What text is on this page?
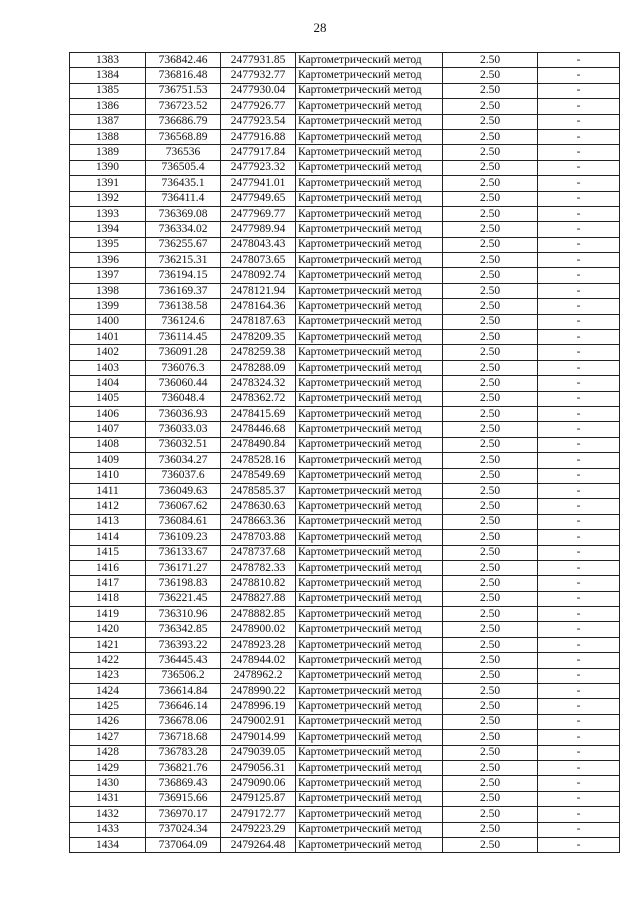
28
1383	736842.46	2477931.85	Картометрический метод	2.50	-
1384	736816.48	2477932.77	Картометрический метод	2.50	-
1385	736751.53	2477930.04	Картометрический метод	2.50	-
1386	736723.52	2477926.77	Картометрический метод	2.50	-
1387	736686.79	2477923.54	Картометрический метод	2.50	-
1388	736568.89	2477916.88	Картометрический метод	2.50	-
1389	736536	2477917.84	Картометрический метод	2.50	-
1390	736505.4	2477923.32	Картометрический метод	2.50	-
1391	736435.1	2477941.01	Картометрический метод	2.50	-
1392	736411.4	2477949.65	Картометрический метод	2.50	-
1393	736369.08	2477969.77	Картометрический метод	2.50	-
1394	736334.02	2477989.94	Картометрический метод	2.50	-
1395	736255.67	2478043.43	Картометрический метод	2.50	-
1396	736215.31	2478073.65	Картометрический метод	2.50	-
1397	736194.15	2478092.74	Картометрический метод	2.50	-
1398	736169.37	2478121.94	Картометрический метод	2.50	-
1399	736138.58	2478164.36	Картометрический метод	2.50	-
1400	736124.6	2478187.63	Картометрический метод	2.50	-
1401	736114.45	2478209.35	Картометрический метод	2.50	-
1402	736091.28	2478259.38	Картометрический метод	2.50	-
1403	736076.3	2478288.09	Картометрический метод	2.50	-
1404	736060.44	2478324.32	Картометрический метод	2.50	-
1405	736048.4	2478362.72	Картометрический метод	2.50	-
1406	736036.93	2478415.69	Картометрический метод	2.50	-
1407	736033.03	2478446.68	Картометрический метод	2.50	-
1408	736032.51	2478490.84	Картометрический метод	2.50	-
1409	736034.27	2478528.16	Картометрический метод	2.50	-
1410	736037.6	2478549.69	Картометрический метод	2.50	-
1411	736049.63	2478585.37	Картометрический метод	2.50	-
1412	736067.62	2478630.63	Картометрический метод	2.50	-
1413	736084.61	2478663.36	Картометрический метод	2.50	-
1414	736109.23	2478703.88	Картометрический метод	2.50	-
1415	736133.67	2478737.68	Картометрический метод	2.50	-
1416	736171.27	2478782.33	Картометрический метод	2.50	-
1417	736198.83	2478810.82	Картометрический метод	2.50	-
1418	736221.45	2478827.88	Картометрический метод	2.50	-
1419	736310.96	2478882.85	Картометрический метод	2.50	-
1420	736342.85	2478900.02	Картометрический метод	2.50	-
1421	736393.22	2478923.28	Картометрический метод	2.50	-
1422	736445.43	2478944.02	Картометрический метод	2.50	-
1423	736506.2	2478962.2	Картометрический метод	2.50	-
1424	736614.84	2478990.22	Картометрический метод	2.50	-
1425	736646.14	2478996.19	Картометрический метод	2.50	-
1426	736678.06	2479002.91	Картометрический метод	2.50	-
1427	736718.68	2479014.99	Картометрический метод	2.50	-
1428	736783.28	2479039.05	Картометрический метод	2.50	-
1429	736821.76	2479056.31	Картометрический метод	2.50	-
1430	736869.43	2479090.06	Картометрический метод	2.50	-
1431	736915.66	2479125.87	Картометрический метод	2.50	-
1432	736970.17	2479172.77	Картометрический метод	2.50	-
1433	737024.34	2479223.29	Картометрический метод	2.50	-
1434	737064.09	2479264.48	Картометрический метод	2.50	-
